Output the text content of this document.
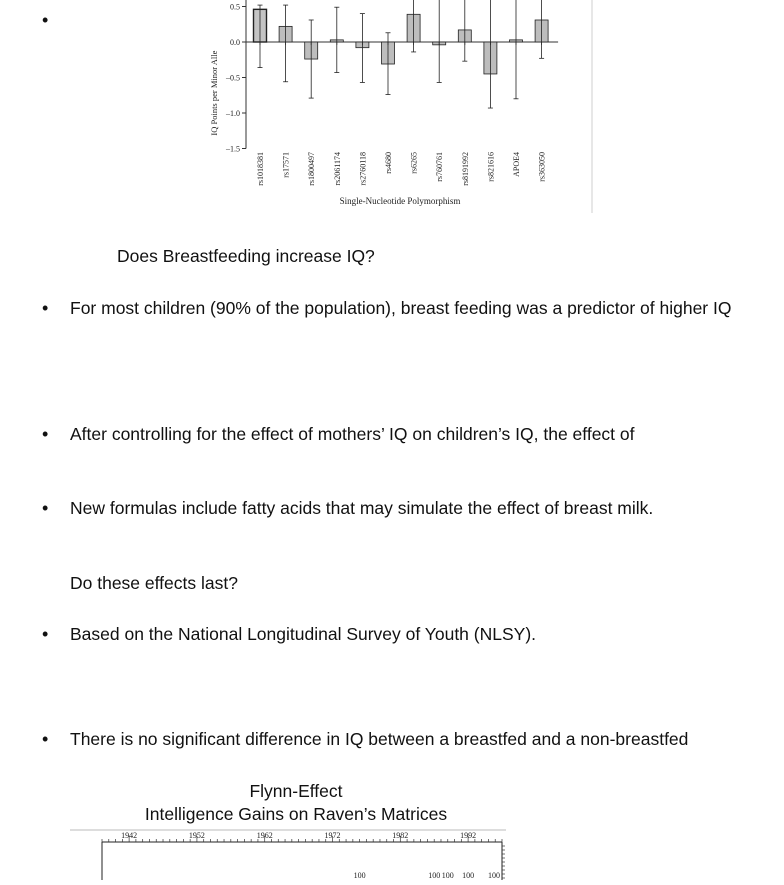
IQ Points per Minor Alle
0.5
0.0
–0.5
–1.0
–1.5
rs1018381 rs17571 rs1800497 rs2061174 rs2760118 rs4680 rs6265 rs760761 rs8191992 rs821616 APOE4 rs363050
Single-Nucleotide Polymorphism
•
Does Breastfeeding increase IQ?
• For most children (90% of the population), breast feeding was a predictor of higher IQ
• After controlling for the effect of mothers’ IQ on children’s IQ, the effect of
• New formulas include fatty acids that may simulate the effect of breast milk.
Do these effects last?
• Based on the National Longitudinal Survey of Youth (NLSY).
• There is no significant difference in IQ between a breastfed and a non-breastfed
Flynn-Effect
Intelligence Gains on Raven’s Matrices
1942	1952	1962	1972	1982	1992
100	100 100 100 100
